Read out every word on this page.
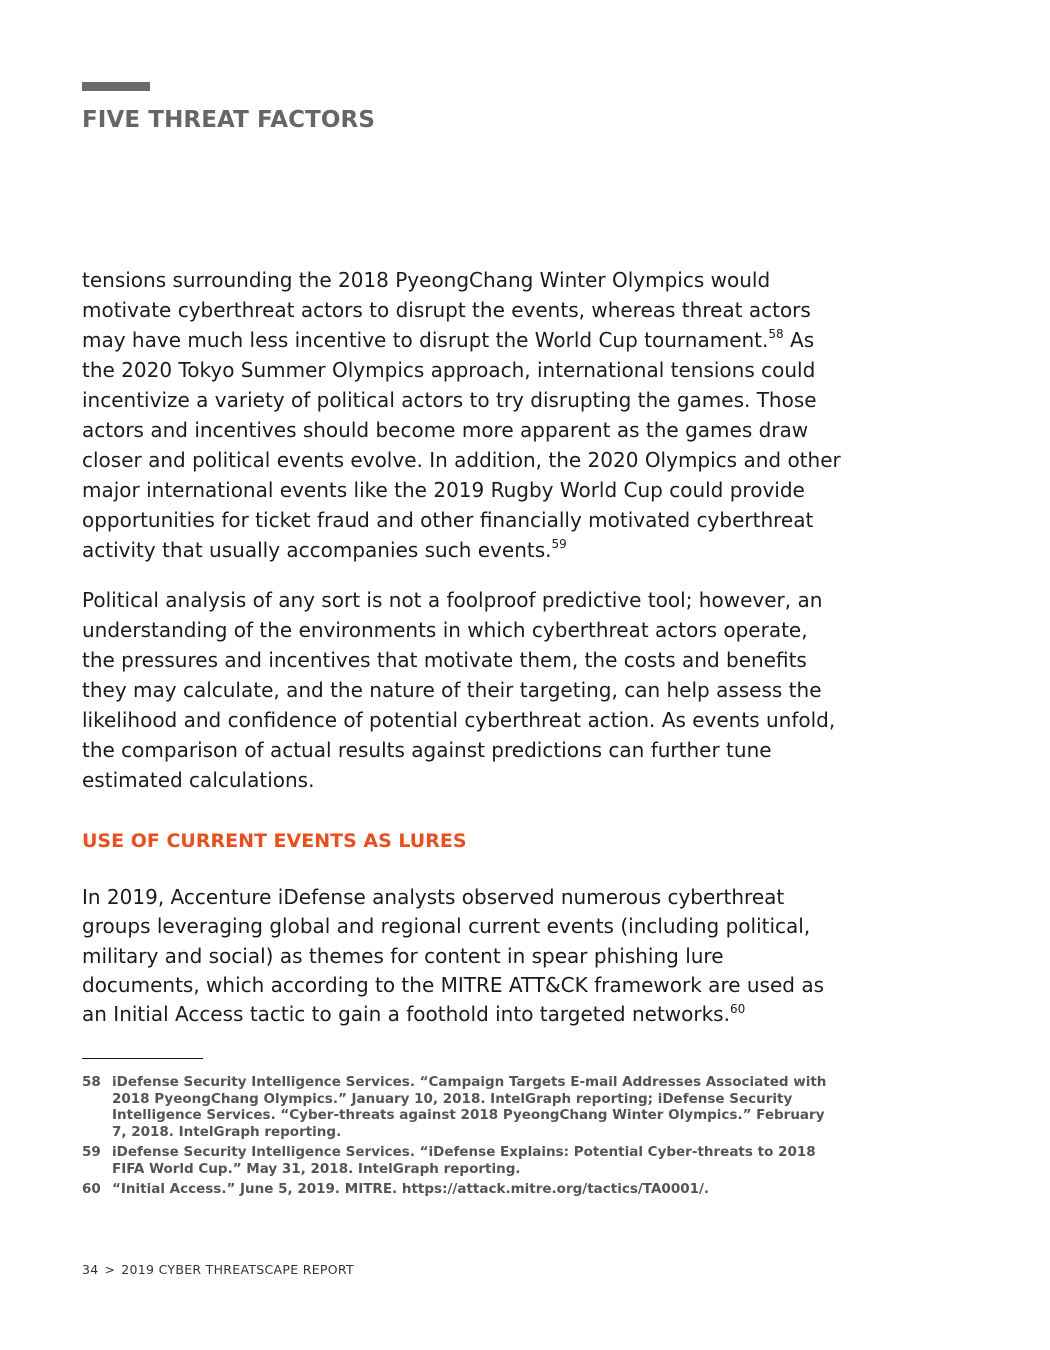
FIVE THREAT FACTORS

tensions surrounding the 2018 PyeongChang Winter Olympics would motivate cyberthreat actors to disrupt the events, whereas threat actors may have much less incentive to disrupt the World Cup tournament.$^{58}$ As the 2020 Tokyo Summer Olympics approach, international tensions could incentivize a variety of political actors to try disrupting the games. Those actors and incentives should become more apparent as the games draw closer and political events evolve. In addition, the 2020 Olympics and other major international events like the 2019 Rugby World Cup could provide opportunities for ticket fraud and other financially motivated cyberthreat activity that usually accompanies such events.$^{59}$

Political analysis of any sort is not a foolproof predictive tool; however, an understanding of the environments in which cyberthreat actors operate, the pressures and incentives that motivate them, the costs and benefits they may calculate, and the nature of their targeting, can help assess the likelihood and confidence of potential cyberthreat action. As events unfold, the comparison of actual results against predictions can further tune estimated calculations.

USE OF CURRENT EVENTS AS LURES

In 2019, Accenture iDefense analysts observed numerous cyberthreat groups leveraging global and regional current events (including political, military and social) as themes for content in spear phishing lure documents, which according to the MITRE ATT&CK framework are used as an Initial Access tactic to gain a foothold into targeted networks.$^{60}$

58 iDefense Security Intelligence Services. “Campaign Targets E-mail Addresses Associated with 2018 PyeongChang Olympics.” January 10, 2018. IntelGraph reporting; iDefense Security Intelligence Services. “Cyber-threats against 2018 PyeongChang Winter Olympics.” February 7, 2018. IntelGraph reporting.
59 iDefense Security Intelligence Services. “iDefense Explains: Potential Cyber-threats to 2018 FIFA World Cup.” May 31, 2018. IntelGraph reporting.
60 “Initial Access.” June 5, 2019. MITRE. https://attack.mitre.org/tactics/TA0001/.
34 > 2019 CYBER THREATSCAPE REPORT
